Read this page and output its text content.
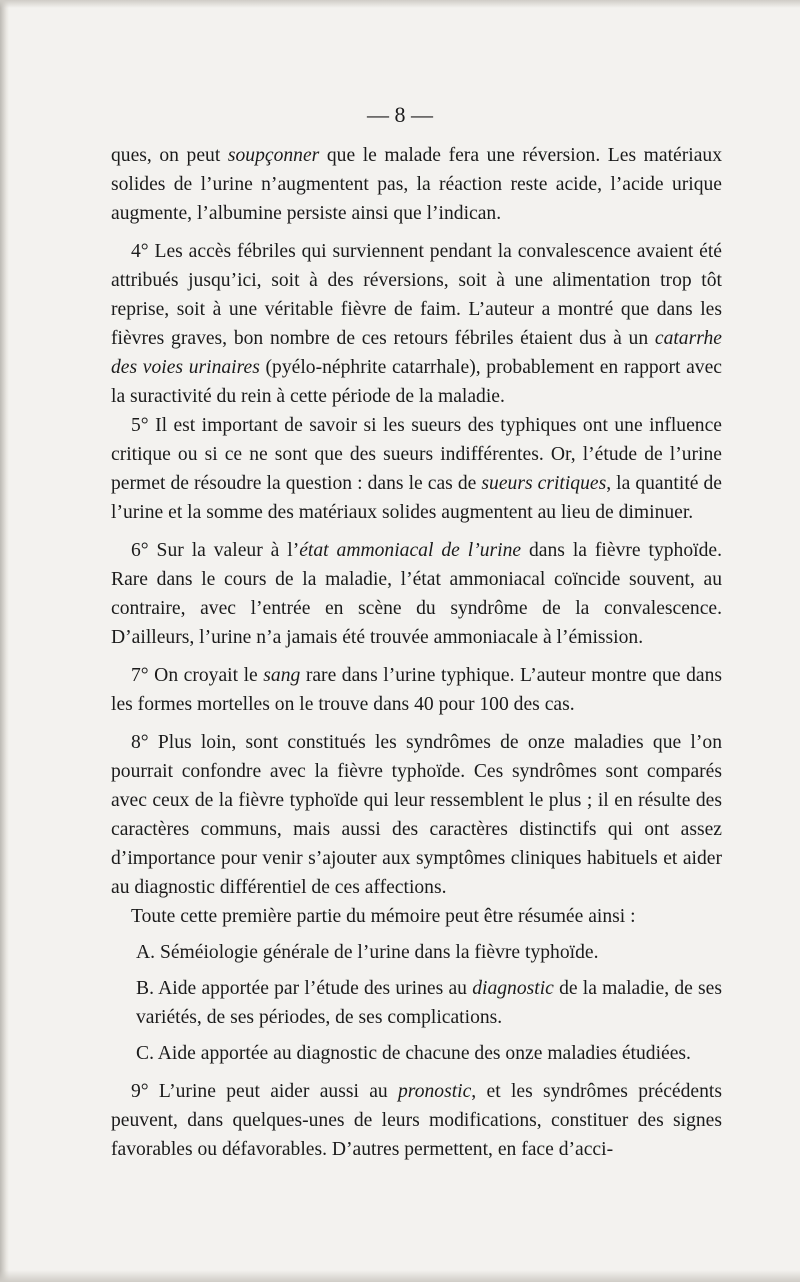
— 8 —

ques, on peut soupçonner que le malade fera une réversion. Les matériaux solides de l’urine n’augmentent pas, la réaction reste acide, l’acide urique augmente, l’albumine persiste ainsi que l’indican.

4° Les accès fébriles qui surviennent pendant la convalescence avaient été attribués jusqu’ici, soit à des réversions, soit à une alimentation trop tôt reprise, soit à une véritable fièvre de faim. L’auteur a montré que dans les fièvres graves, bon nombre de ces retours fébriles étaient dus à un catarrhe des voies urinaires (pyélo-néphrite catarrhale), probablement en rapport avec la suractivité du rein à cette période de la maladie.

5° Il est important de savoir si les sueurs des typhiques ont une influence critique ou si ce ne sont que des sueurs indifférentes. Or, l’étude de l’urine permet de résoudre la question : dans le cas de sueurs critiques, la quantité de l’urine et la somme des matériaux solides augmentent au lieu de diminuer.

6° Sur la valeur à l’état ammoniacal de l’urine dans la fièvre typhoïde. Rare dans le cours de la maladie, l’état ammoniacal coïncide souvent, au contraire, avec l’entrée en scène du syndrôme de la convalescence. D’ailleurs, l’urine n’a jamais été trouvée ammoniacale à l’émission.

7° On croyait le sang rare dans l’urine typhique. L’auteur montre que dans les formes mortelles on le trouve dans 40 pour 100 des cas.

8° Plus loin, sont constitués les syndrômes de onze maladies que l’on pourrait confondre avec la fièvre typhoïde. Ces syndrômes sont comparés avec ceux de la fièvre typhoïde qui leur ressemblent le plus ; il en résulte des caractères communs, mais aussi des caractères distinctifs qui ont assez d’importance pour venir s’ajouter aux symptômes cliniques habituels et aider au diagnostic différentiel de ces affections.

Toute cette première partie du mémoire peut être résumée ainsi :

A. Séméiologie générale de l’urine dans la fièvre typhoïde.

B. Aide apportée par l’étude des urines au diagnostic de la maladie, de ses variétés, de ses périodes, de ses complications.

C. Aide apportée au diagnostic de chacune des onze maladies étudiées.

9° L’urine peut aider aussi au pronostic, et les syndrômes précédents peuvent, dans quelques-unes de leurs modifications, constituer des signes favorables ou défavorables. D’autres permettent, en face d’acci-
